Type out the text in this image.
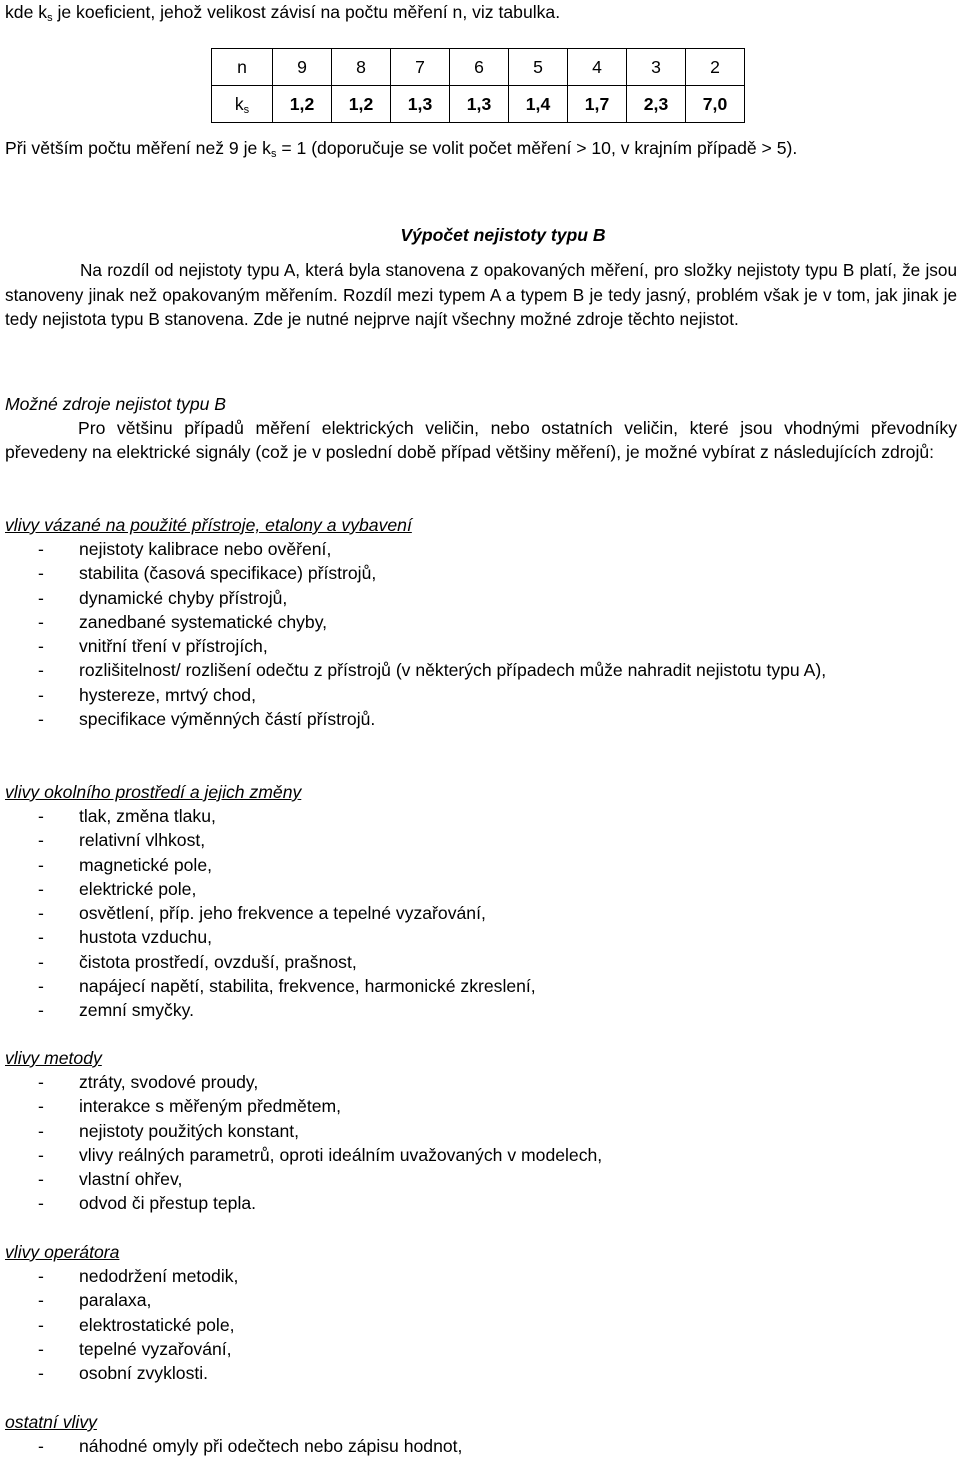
kde $k_s$ je koeficient, jehož velikost závisí na počtu měření n, viz tabulka.
n	9	8	7	6	5	4	3	2
$k_s$	1,2	1,2	1,3	1,3	1,4	1,7	2,3	7,0
Při větším počtu měření než 9 je $k_s = 1$ (doporučuje se volit počet měření > 10, v krajním případě > 5).
Výpočet nejistoty typu B
Na rozdíl od nejistoty typu A, která byla stanovena z opakovaných měření, pro složky nejistoty typu B platí, že jsou stanoveny jinak než opakovaným měřením. Rozdíl mezi typem A a typem B je tedy jasný, problém však je v tom, jak jinak je tedy nejistota typu B stanovena. Zde je nutné nejprve najít všechny možné zdroje těchto nejistot.
Možné zdroje nejistot typu B
Pro většinu případů měření elektrických veličin, nebo ostatních veličin, které jsou vhodnými převodníky převedeny na elektrické signály (což je v poslední době případ většiny měření), je možné vybírat z následujících zdrojů:
vlivy vázané na použité přístroje, etalony a vybavení
- nejistoty kalibrace nebo ověření,
- stabilita (časová specifikace) přístrojů,
- dynamické chyby přístrojů,
- zanedbané systematické chyby,
- vnitřní tření v přístrojích,
- rozlišitelnost/ rozlišení odečtu z přístrojů (v některých případech může nahradit nejistotu typu A),
- hystereze, mrtvý chod,
- specifikace výměnných částí přístrojů.
vlivy okolního prostředí a jejich změny
- tlak, změna tlaku,
- relativní vlhkost,
- magnetické pole,
- elektrické pole,
- osvětlení, příp. jeho frekvence a tepelné vyzařování,
- hustota vzduchu,
- čistota prostředí, ovzduší, prašnost,
- napájecí napětí, stabilita, frekvence, harmonické zkreslení,
- zemní smyčky.
vlivy metody
- ztráty, svodové proudy,
- interakce s měřeným předmětem,
- nejistoty použitých konstant,
- vlivy reálných parametrů, oproti ideálním uvažovaných v modelech,
- vlastní ohřev,
- odvod či přestup tepla.
vlivy operátora
- nedodržení metodik,
- paralaxa,
- elektrostatické pole,
- tepelné vyzařování,
- osobní zvyklosti.
ostatní vlivy
- náhodné omyly při odečtech nebo zápisu hodnot,
